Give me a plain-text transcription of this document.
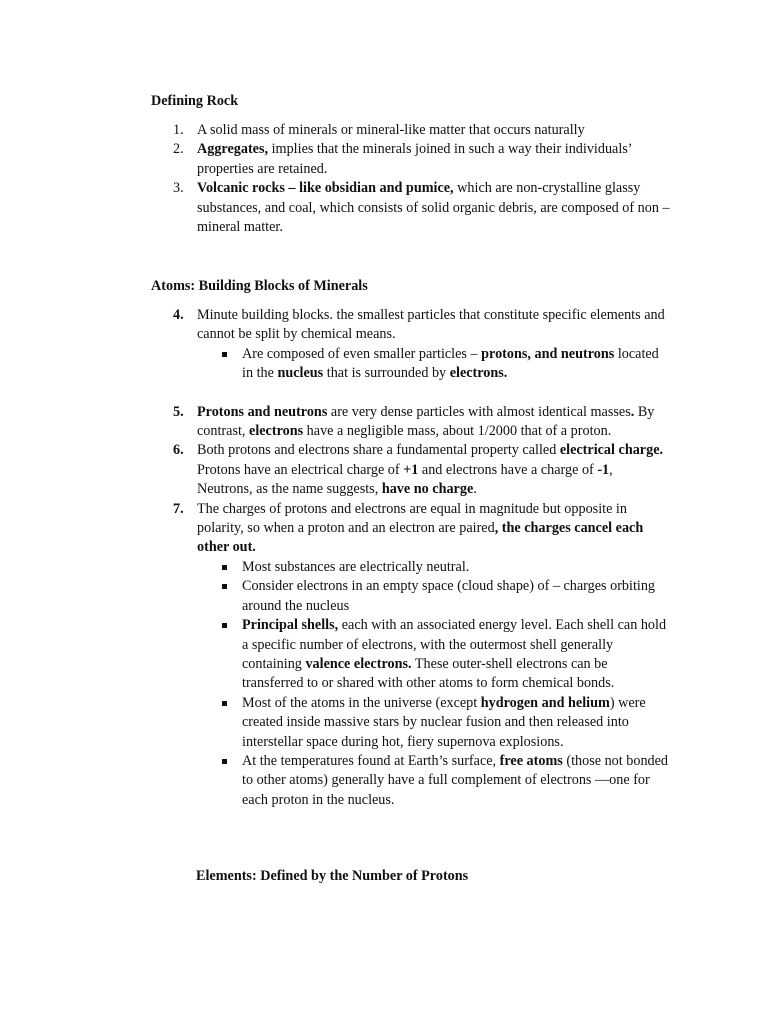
Defining Rock
1. A solid mass of minerals or mineral-like matter that occurs naturally
2. Aggregates, implies that the minerals joined in such a way their individuals’ properties are retained.
3. Volcanic rocks – like obsidian and pumice, which are non-crystalline glassy substances, and coal, which consists of solid organic debris, are composed of non – mineral matter.
Atoms: Building Blocks of Minerals
4. Minute building blocks. the smallest particles that constitute specific elements and cannot be split by chemical means.
Are composed of even smaller particles – protons, and neutrons located in the nucleus that is surrounded by electrons.
5. Protons and neutrons are very dense particles with almost identical masses. By contrast, electrons have a negligible mass, about 1/2000 that of a proton.
6. Both protons and electrons share a fundamental property called electrical charge. Protons have an electrical charge of +1 and electrons have a charge of -1, Neutrons, as the name suggests, have no charge.
7. The charges of protons and electrons are equal in magnitude but opposite in polarity, so when a proton and an electron are paired, the charges cancel each other out.
Most substances are electrically neutral.
Consider electrons in an empty space (cloud shape) of – charges orbiting around the nucleus
Principal shells, each with an associated energy level. Each shell can hold a specific number of electrons, with the outermost shell generally containing valence electrons. These outer-shell electrons can be transferred to or shared with other atoms to form chemical bonds.
Most of the atoms in the universe (except hydrogen and helium) were created inside massive stars by nuclear fusion and then released into interstellar space during hot, fiery supernova explosions.
At the temperatures found at Earth’s surface, free atoms (those not bonded to other atoms) generally have a full complement of electrons —one for each proton in the nucleus.
Elements: Defined by the Number of Protons
